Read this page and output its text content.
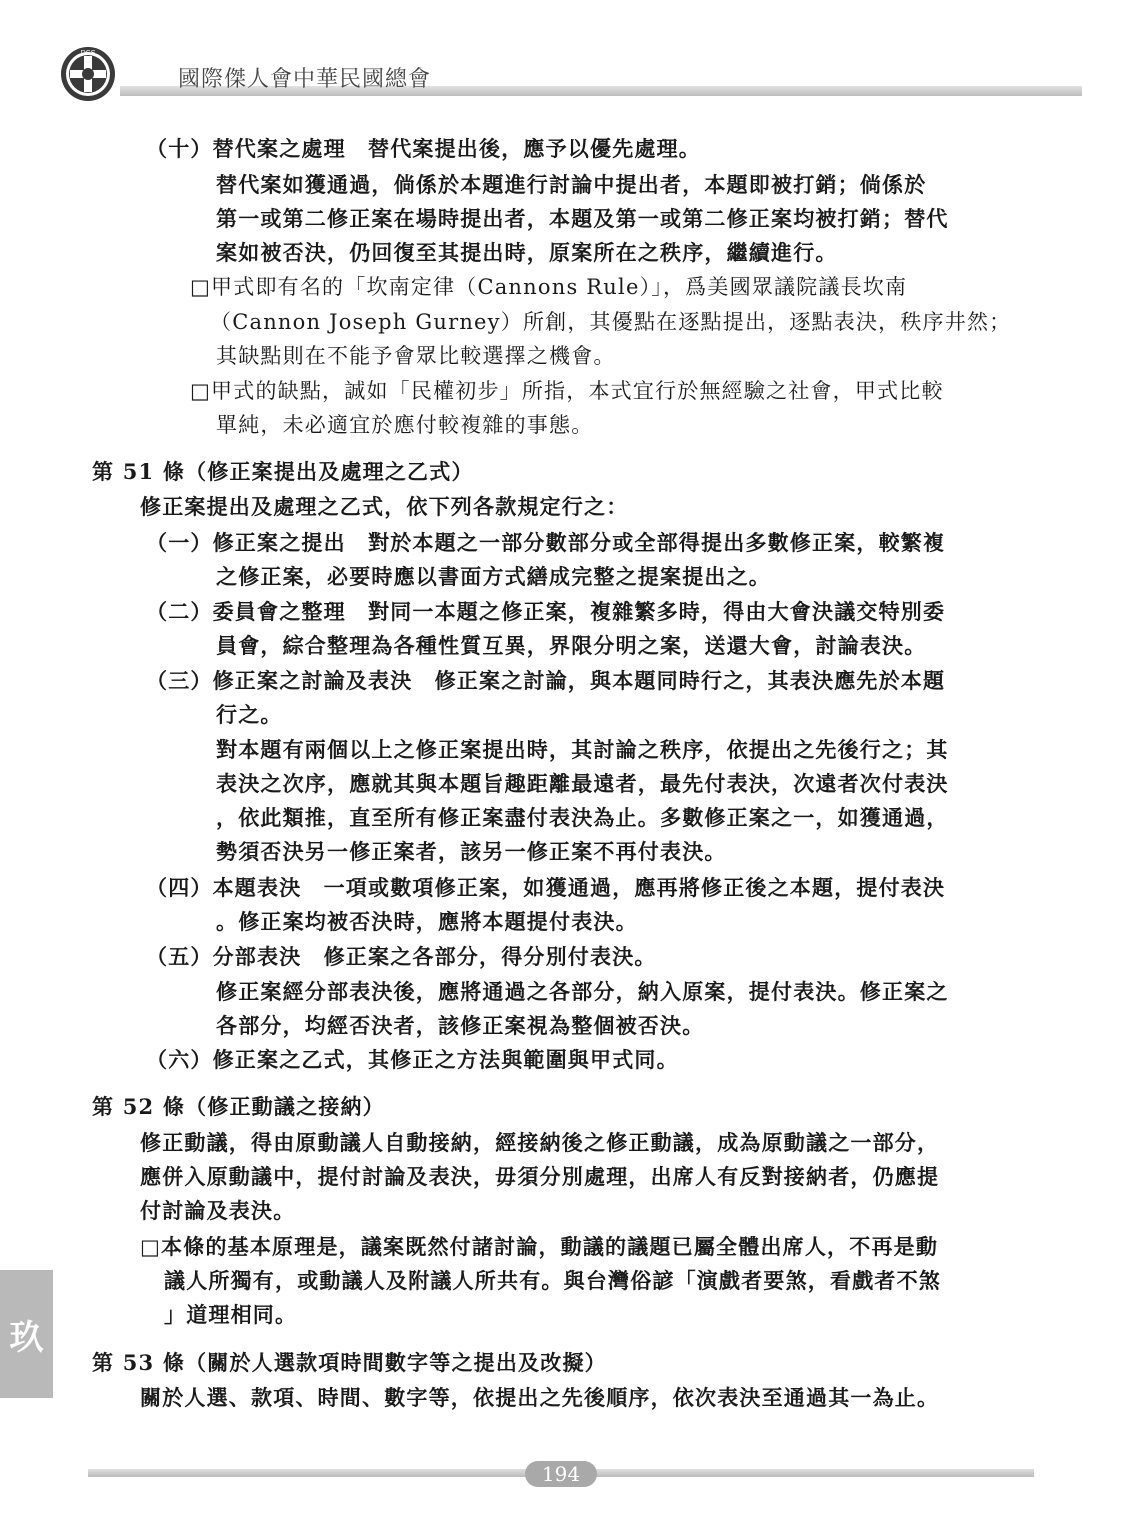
DCS
國際傑人會中華民國總會
（十）替代案之處理　替代案提出後，應予以優先處理。
替代案如獲通過，倘係於本題進行討論中提出者，本題即被打銷；倘係於
第一或第二修正案在場時提出者，本題及第一或第二修正案均被打銷；替代
案如被否決，仍回復至其提出時，原案所在之秩序，繼續進行。
□甲式即有名的「坎南定律（Cannons Rule）」，爲美國眾議院議長坎南
（Cannon Joseph Gurney）所創，其優點在逐點提出，逐點表決，秩序井然；
其缺點則在不能予會眾比較選擇之機會。
□甲式的缺點，誠如「民權初步」所指，本式宜行於無經驗之社會，甲式比較
單純，未必適宜於應付較複雜的事態。
第 51 條（修正案提出及處理之乙式）
修正案提出及處理之乙式，依下列各款規定行之：
（一）修正案之提出　對於本題之一部分數部分或全部得提出多數修正案，較繁複
之修正案，必要時應以書面方式繕成完整之提案提出之。
（二）委員會之整理　對同一本題之修正案，複雜繁多時，得由大會決議交特別委
員會，綜合整理為各種性質互異，界限分明之案，送還大會，討論表決。
（三）修正案之討論及表決　修正案之討論，與本題同時行之，其表決應先於本題
行之。
對本題有兩個以上之修正案提出時，其討論之秩序，依提出之先後行之；其
表決之次序，應就其與本題旨趣距離最遠者，最先付表決，次遠者次付表決
，依此類推，直至所有修正案盡付表決為止。多數修正案之一，如獲通過，
勢須否決另一修正案者，該另一修正案不再付表決。
（四）本題表決　一項或數項修正案，如獲通過，應再將修正後之本題，提付表決
。修正案均被否決時，應將本題提付表決。
（五）分部表決　修正案之各部分，得分別付表決。
修正案經分部表決後，應將通過之各部分，納入原案，提付表決。修正案之
各部分，均經否決者，該修正案視為整個被否決。
（六）修正案之乙式，其修正之方法與範圍與甲式同。
第 52 條（修正動議之接納）
修正動議，得由原動議人自動接納，經接納後之修正動議，成為原動議之一部分，
應併入原動議中，提付討論及表決，毋須分別處理，出席人有反對接納者，仍應提
付討論及表決。
□本條的基本原理是，議案既然付諸討論，動議的議題已屬全體出席人，不再是動
議人所獨有，或動議人及附議人所共有。與台灣俗諺「演戲者要煞，看戲者不煞
」道理相同。
第 53 條（關於人選款項時間數字等之提出及改擬）
關於人選、款項、時間、數字等，依提出之先後順序，依次表決至通過其一為止。
玖
194
